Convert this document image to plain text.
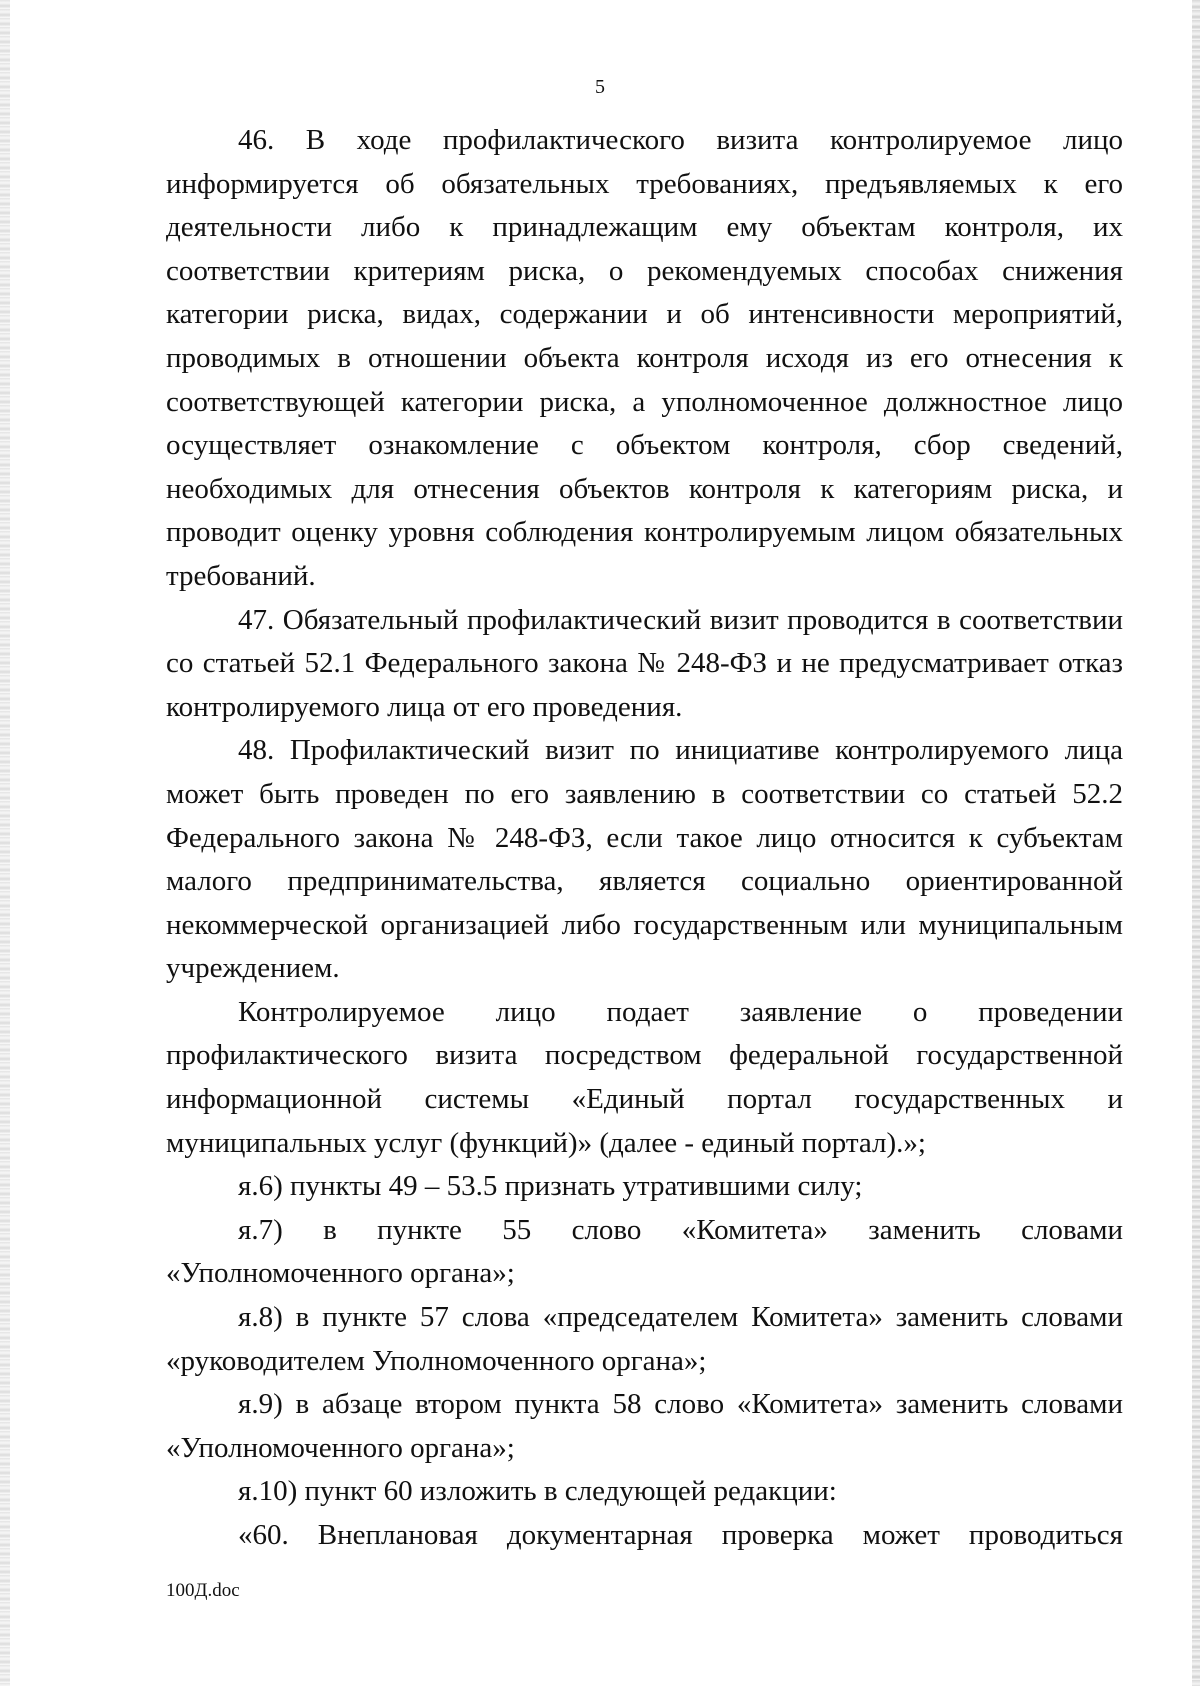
5

46. В ходе профилактического визита контролируемое лицо информируется об обязательных требованиях, предъявляемых к его деятельности либо к принадлежащим ему объектам контроля, их соответствии критериям риска, о рекомендуемых способах снижения категории риска, видах, содержании и об интенсивности мероприятий, проводимых в отношении объекта контроля исходя из его отнесения к соответствующей категории риска, а уполномоченное должностное лицо осуществляет ознакомление с объектом контроля, сбор сведений, необходимых для отнесения объектов контроля к категориям риска, и проводит оценку уровня соблюдения контролируемым лицом обязательных требований.

47. Обязательный профилактический визит проводится в соответствии со статьей 52.1 Федерального закона № 248-ФЗ и не предусматривает отказ контролируемого лица от его проведения.

48. Профилактический визит по инициативе контролируемого лица может быть проведен по его заявлению в соответствии со статьей 52.2 Федерального закона № 248-ФЗ, если такое лицо относится к субъектам малого предпринимательства, является социально ориентированной некоммерческой организацией либо государственным или муниципальным учреждением.

Контролируемое лицо подает заявление о проведении профилактического визита посредством федеральной государственной информационной системы «Единый портал государственных и муниципальных услуг (функций)» (далее - единый портал).»;

я.6) пункты 49 – 53.5 признать утратившими силу;

я.7) в пункте 55 слово «Комитета» заменить словами «Уполномоченного органа»;

я.8) в пункте 57 слова «председателем Комитета» заменить словами «руководителем Уполномоченного органа»;

я.9) в абзаце втором пункта 58 слово «Комитета» заменить словами «Уполномоченного органа»;

я.10) пункт 60 изложить в следующей редакции:

«60. Внеплановая документарная проверка может проводиться

100Д.doc
